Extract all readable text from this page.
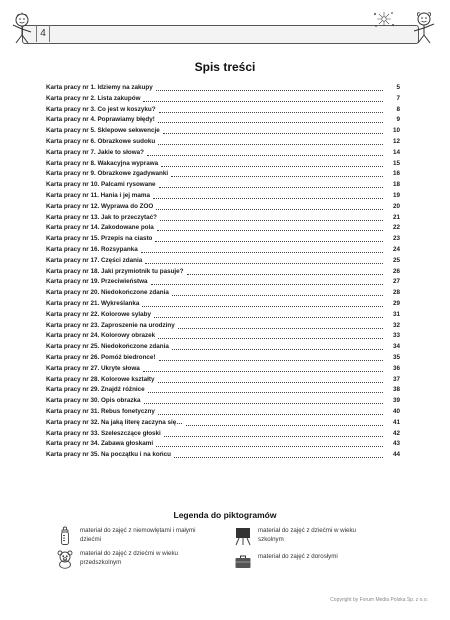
4
Spis treści
Karta pracy nr 1. Idziemy na zakupy	5
Karta pracy nr 2. Lista zakupów	7
Karta pracy nr 3. Co jest w koszyku?	8
Karta pracy nr 4. Poprawiamy błędy!	9
Karta pracy nr 5. Sklepowe sekwencje	10
Karta pracy nr 6. Obrazkowe sudoku	12
Karta pracy nr 7. Jakie to słowa?	14
Karta pracy nr 8. Wakacyjna wyprawa	15
Karta pracy nr 9. Obrazkowe zgadywanki	16
Karta pracy nr 10. Palcami rysowane	18
Karta pracy nr 11. Hania i jej mama	19
Karta pracy nr 12. Wyprawa do ZOO	20
Karta pracy nr 13. Jak to przeczytać?	21
Karta pracy nr 14. Zakodowane pola	22
Karta pracy nr 15. Przepis na ciasto	23
Karta pracy nr 16. Rozsypanka	24
Karta pracy nr 17. Części zdania	25
Karta pracy nr 18. Jaki przymiotnik tu pasuje?	26
Karta pracy nr 19. Przeciwieństwa	27
Karta pracy nr 20. Niedokończone zdania	28
Karta pracy nr 21. Wykreślanka	29
Karta pracy nr 22. Kolorowe sylaby	31
Karta pracy nr 23. Zaproszenie na urodziny	32
Karta pracy nr 24. Kolorowy obrazek	33
Karta pracy nr 25. Niedokończone zdania	34
Karta pracy nr 26. Pomóż biedronce!	35
Karta pracy nr 27. Ukryte słowa	36
Karta pracy nr 28. Kolorowe kształty	37
Karta pracy nr 29. Znajdź różnice	38
Karta pracy nr 30. Opis obrazka	39
Karta pracy nr 31. Rebus fonetyczny	40
Karta pracy nr 32. Na jaką literę zaczyna się…	41
Karta pracy nr 33. Szeleszczące głoski	42
Karta pracy nr 34. Zabawa głoskami	43
Karta pracy nr 35. Na początku i na końcu	44
Legenda do piktogramów
materiał do zajęć z niemowlętami i małymi dziećmi
materiał do zajęć z dziećmi w wieku przedszkolnym
materiał do zajęć z dziećmi w wieku szkolnym
materiał do zajęć z dorosłymi
Copyright by Forum Media Polska Sp. z o.o.
